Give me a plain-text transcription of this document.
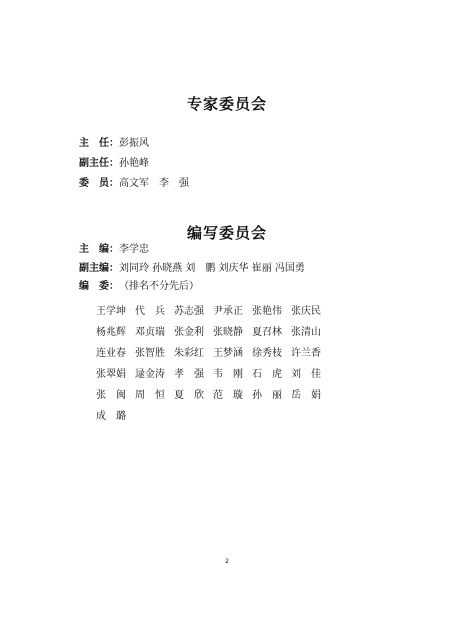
专家委员会
主　任：彭振风
副主任：孙艳峰
委　员：高文军　李　强
编写委员会
主　编：李学忠
副主编：刘同玲 孙晓燕 刘　鹏 刘庆华 崔丽 冯国勇
编　委：（排名不分先后）
王学坤 代　兵 苏志强 尹承正 张艳伟 张庆民
杨兆辉 邓贞瑞 张金利 张晓静 夏召林 张清山
连业春 张智胜 朱彩红 王梦涵 徐秀枝 许兰香
张翠娟 逯金涛 孝　强 韦　刚 石　虎 刘　佳
张　闽 周　恒 夏　欣 范　璇 孙　丽 岳　娟
成　璐
2
